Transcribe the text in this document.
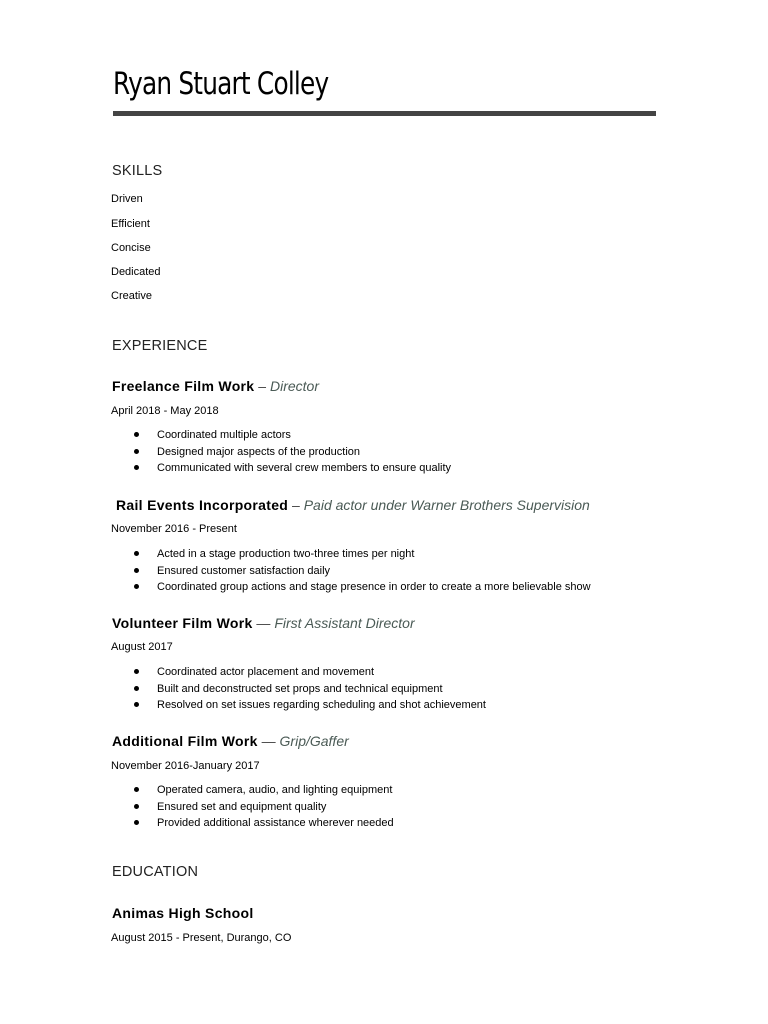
Ryan Stuart Colley
SKILLS
Driven
Efficient
Concise
Dedicated
Creative
EXPERIENCE
Freelance Film Work – Director
April 2018 - May 2018
Coordinated multiple actors
Designed major aspects of the production
Communicated with several crew members to ensure quality
Rail Events Incorporated – Paid actor under Warner Brothers Supervision
November 2016 - Present
Acted in a stage production two-three times per night
Ensured customer satisfaction daily
Coordinated group actions and stage presence in order to create a more believable show
Volunteer Film Work — First Assistant Director
August 2017
Coordinated actor placement and movement
Built and deconstructed set props and technical equipment
Resolved on set issues regarding scheduling and shot achievement
Additional Film Work — Grip/Gaffer
November 2016-January 2017
Operated camera, audio, and lighting equipment
Ensured set and equipment quality
Provided additional assistance wherever needed
EDUCATION
Animas High School
August 2015 - Present, Durango, CO
